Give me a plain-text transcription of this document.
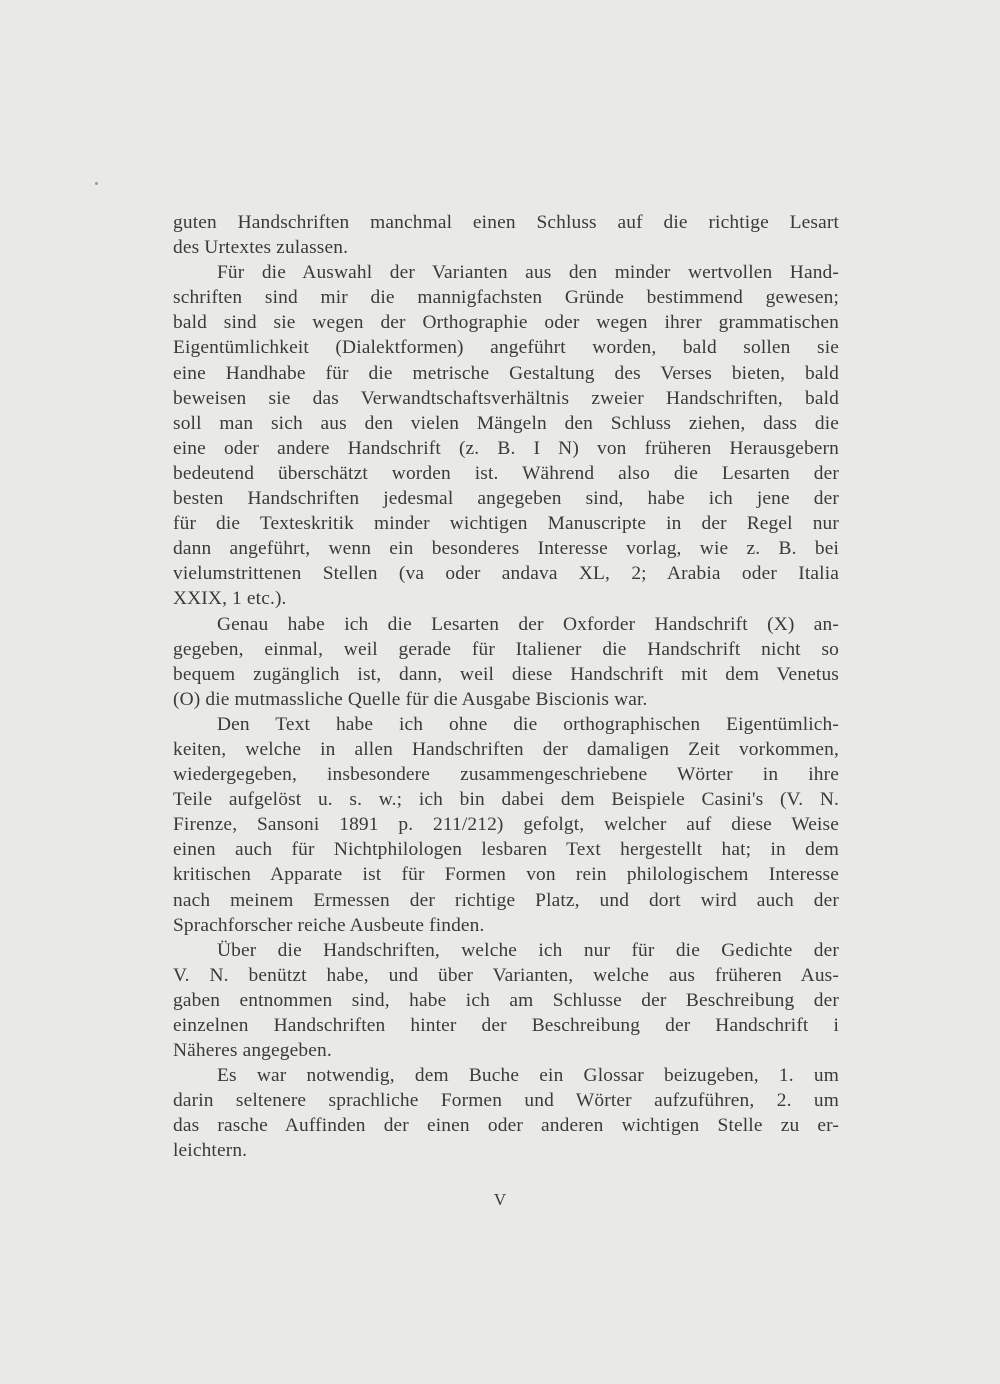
guten Handschriften manchmal einen Schluss auf die richtige Lesart
des Urtextes zulassen.
Für die Auswahl der Varianten aus den minder wertvollen Hand-
schriften sind mir die mannigfachsten Gründe bestimmend gewesen;
bald sind sie wegen der Orthographie oder wegen ihrer grammatischen
Eigentümlichkeit (Dialektformen) angeführt worden, bald sollen sie
eine Handhabe für die metrische Gestaltung des Verses bieten, bald
beweisen sie das Verwandtschaftsverhältnis zweier Handschriften, bald
soll man sich aus den vielen Mängeln den Schluss ziehen, dass die
eine oder andere Handschrift (z. B. I N) von früheren Herausgebern
bedeutend überschätzt worden ist. Während also die Lesarten der
besten Handschriften jedesmal angegeben sind, habe ich jene der
für die Texteskritik minder wichtigen Manuscripte in der Regel nur
dann angeführt, wenn ein besonderes Interesse vorlag, wie z. B. bei
vielumstrittenen Stellen (va oder andava XL, 2; Arabia oder Italia
XXIX, 1 etc.).
Genau habe ich die Lesarten der Oxforder Handschrift (X) an-
gegeben, einmal, weil gerade für Italiener die Handschrift nicht so
bequem zugänglich ist, dann, weil diese Handschrift mit dem Venetus
(O) die mutmassliche Quelle für die Ausgabe Biscionis war.
Den Text habe ich ohne die orthographischen Eigentümlich-
keiten, welche in allen Handschriften der damaligen Zeit vorkommen,
wiedergegeben, insbesondere zusammengeschriebene Wörter in ihre
Teile aufgelöst u. s. w.; ich bin dabei dem Beispiele Casini's (V. N.
Firenze, Sansoni 1891 p. 211/212) gefolgt, welcher auf diese Weise
einen auch für Nichtphilologen lesbaren Text hergestellt hat; in dem
kritischen Apparate ist für Formen von rein philologischem Interesse
nach meinem Ermessen der richtige Platz, und dort wird auch der
Sprachforscher reiche Ausbeute finden.
Über die Handschriften, welche ich nur für die Gedichte der
V. N. benützt habe, und über Varianten, welche aus früheren Aus-
gaben entnommen sind, habe ich am Schlusse der Beschreibung der
einzelnen Handschriften hinter der Beschreibung der Handschrift i
Näheres angegeben.
Es war notwendig, dem Buche ein Glossar beizugeben, 1. um
darin seltenere sprachliche Formen und Wörter aufzuführen, 2. um
das rasche Auffinden der einen oder anderen wichtigen Stelle zu er-
leichtern.
V
